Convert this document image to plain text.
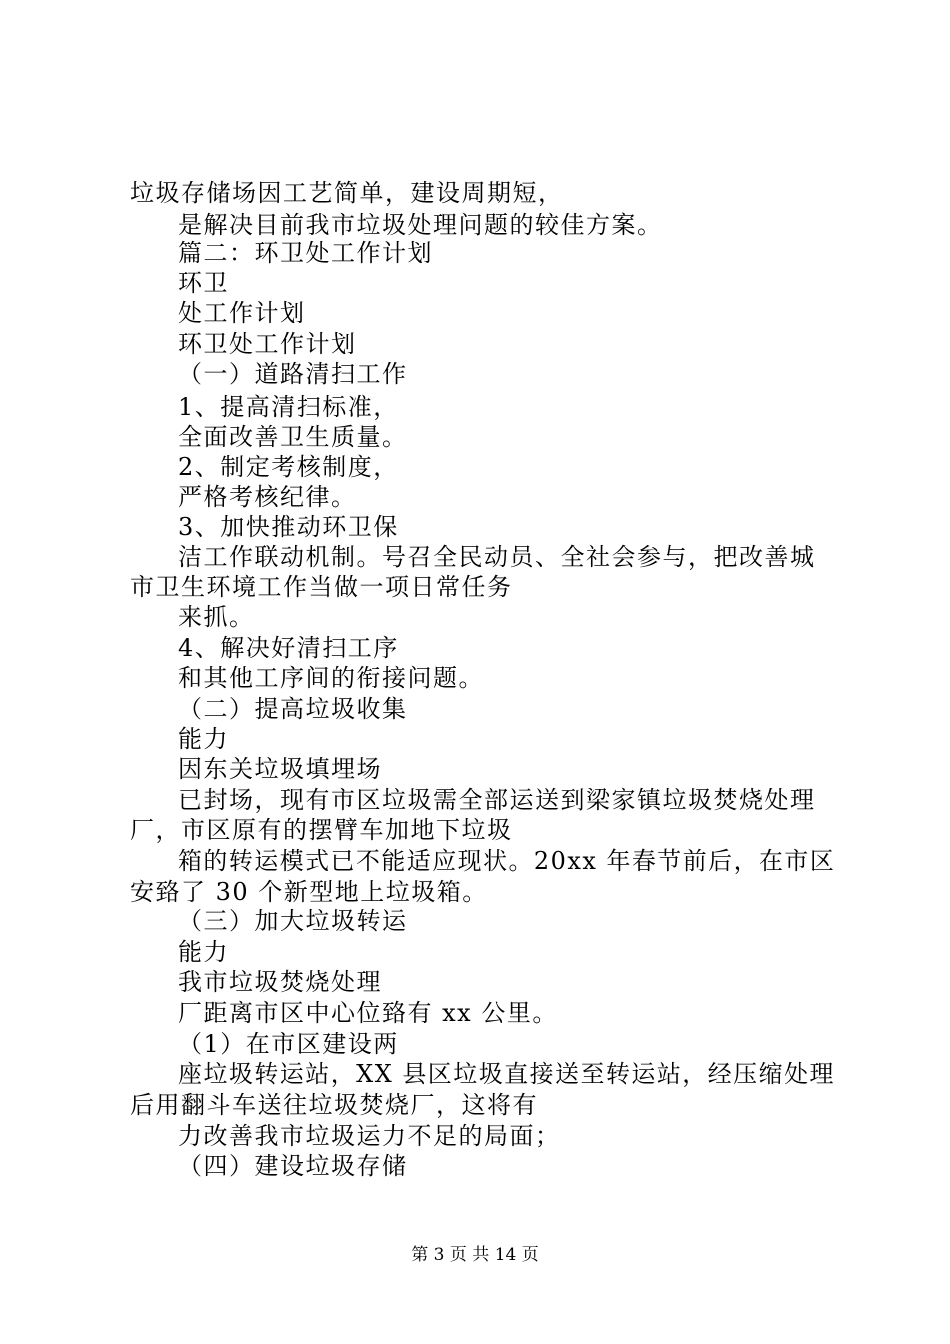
垃圾存储场因工艺简单，建设周期短，
是解决目前我市垃圾处理问题的较佳方案。
篇二：环卫处工作计划
环卫
处工作计划
环卫处工作计划
（一）道路清扫工作
1、提高清扫标准，
全面改善卫生质量。
2、制定考核制度，
严格考核纪律。
3、加快推动环卫保
洁工作联动机制。号召全民动员、全社会参与，把改善城
市卫生环境工作当做一项日常任务
来抓。
4、解决好清扫工序
和其他工序间的衔接问题。
（二）提高垃圾收集
能力
因东关垃圾填埋场
已封场，现有市区垃圾需全部运送到梁家镇垃圾焚烧处理
厂，市区原有的摆臂车加地下垃圾
箱的转运模式已不能适应现状。20xx 年春节前后，在市区
安臵了 30 个新型地上垃圾箱。
（三）加大垃圾转运
能力
我市垃圾焚烧处理
厂距离市区中心位臵有 xx 公里。
（1）在市区建设两
座垃圾转运站，XX 县区垃圾直接送至转运站，经压缩处理
后用翻斗车送往垃圾焚烧厂，这将有
力改善我市垃圾运力不足的局面；
（四）建设垃圾存储
第 3 页 共 14 页
